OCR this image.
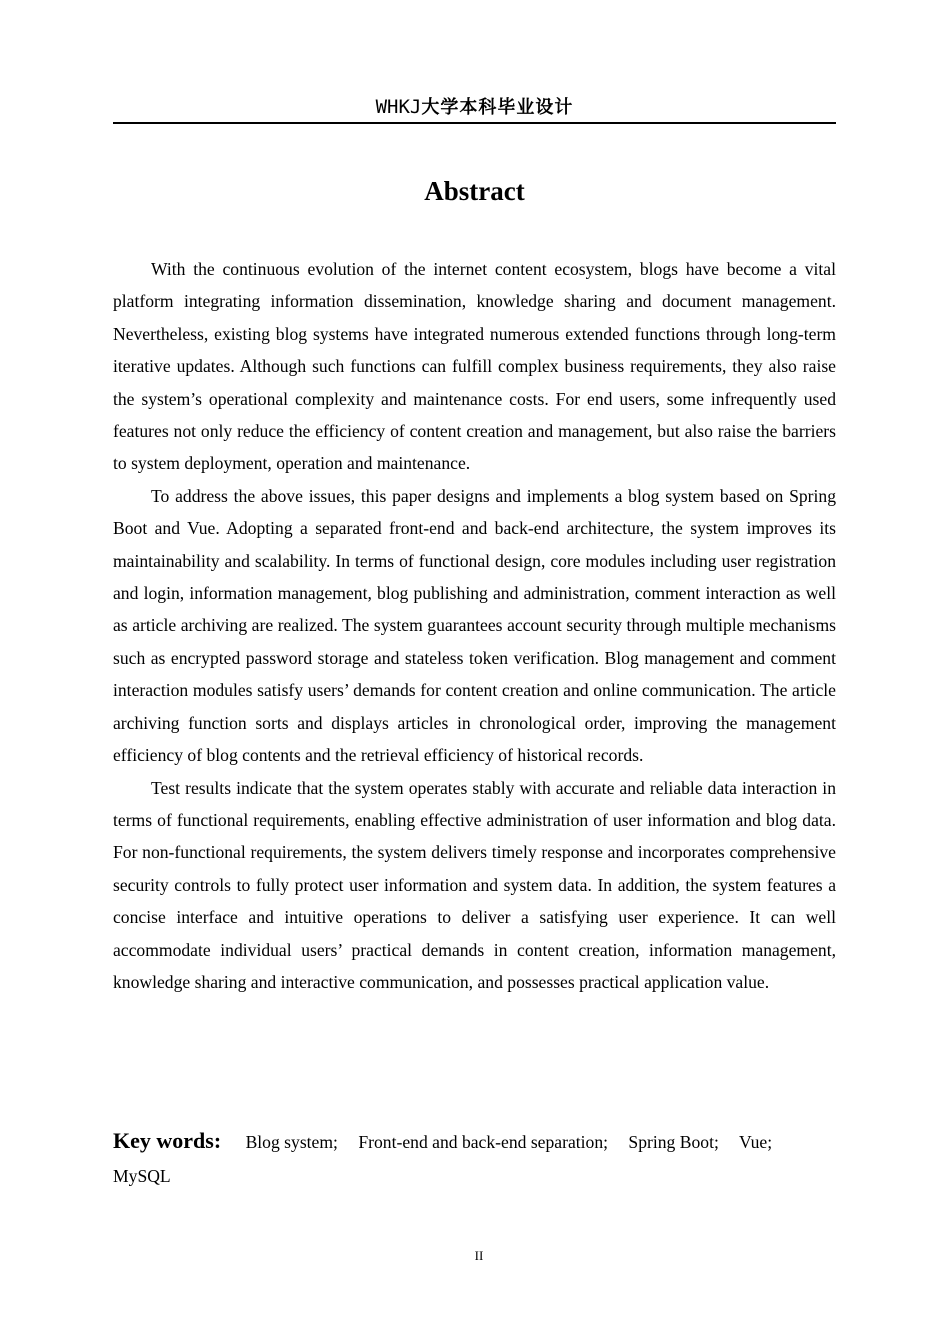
WHKJ大学本科毕业设计
Abstract

With the continuous evolution of the internet content ecosystem, blogs have become a vital platform integrating information dissemination, knowledge sharing and document management. Nevertheless, existing blog systems have integrated numerous extended functions through long-term iterative updates. Although such functions can fulfill complex business requirements, they also raise the system’s operational complexity and maintenance costs. For end users, some infrequently used features not only reduce the efficiency of content creation and management, but also raise the barriers to system deployment, operation and maintenance.

To address the above issues, this paper designs and implements a blog system based on Spring Boot and Vue. Adopting a separated front-end and back-end architecture, the system improves its maintainability and scalability. In terms of functional design, core modules including user registration and login, information management, blog publishing and administration, comment interaction as well as article archiving are realized. The system guarantees account security through multiple mechanisms such as encrypted password storage and stateless token verification. Blog management and comment interaction modules satisfy users’ demands for content creation and online communication. The article archiving function sorts and displays articles in chronological order, improving the management efficiency of blog contents and the retrieval efficiency of historical records.

Test results indicate that the system operates stably with accurate and reliable data interaction in terms of functional requirements, enabling effective administration of user information and blog data. For non-functional requirements, the system delivers timely response and incorporates comprehensive security controls to fully protect user information and system data. In addition, the system features a concise interface and intuitive operations to deliver a satisfying user experience. It can well accommodate individual users’ practical demands in content creation, information management, knowledge sharing and interactive communication, and possesses practical application value.

Key words: Blog system; Front-end and back-end separation; Spring Boot; Vue; MySQL
II
